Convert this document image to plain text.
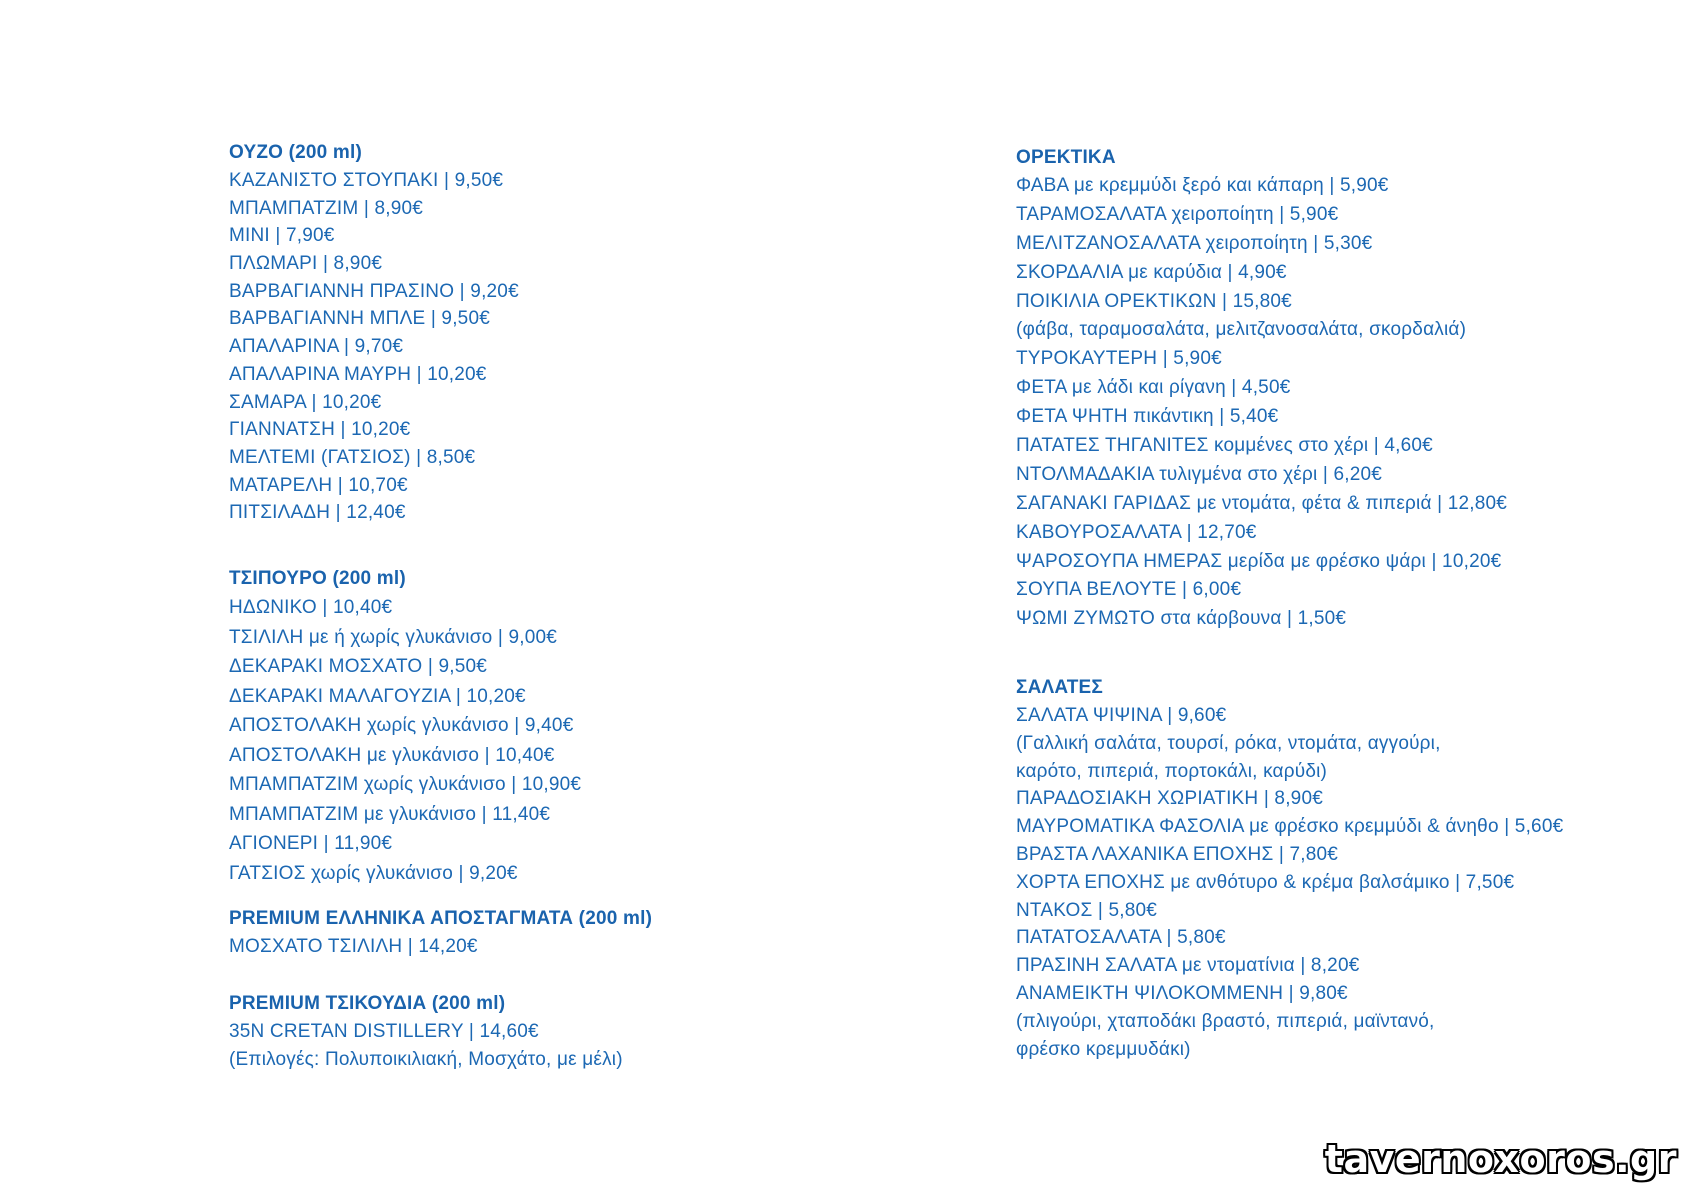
ΟΥΖΟ (200 ml)
ΚΑΖΑΝΙΣΤΟ ΣΤΟΥΠΑΚΙ | 9,50€
ΜΠΑΜΠΑΤΖΙΜ | 8,90€
ΜΙΝΙ | 7,90€
ΠΛΩΜΑΡΙ | 8,90€
ΒΑΡΒΑΓΙΑΝΝΗ ΠΡΑΣΙΝΟ | 9,20€
ΒΑΡΒΑΓΙΑΝΝΗ ΜΠΛΕ | 9,50€
ΑΠΑΛΑΡΙΝΑ | 9,70€
ΑΠΑΛΑΡΙΝΑ ΜΑΥΡΗ | 10,20€
ΣΑΜΑΡΑ | 10,20€
ΓΙΑΝΝΑΤΣΗ | 10,20€
ΜΕΛΤΕΜΙ (ΓΑΤΣΙΟΣ) | 8,50€
ΜΑΤΑΡΕΛΗ | 10,70€
ΠΙΤΣΙΛΑΔΗ | 12,40€
ΤΣΙΠΟΥΡΟ (200 ml)
ΗΔΩΝΙΚΟ | 10,40€
ΤΣΙΛΙΛΗ με ή χωρίς γλυκάνισο | 9,00€
ΔΕΚΑΡΑΚΙ ΜΟΣΧΑΤΟ | 9,50€
ΔΕΚΑΡΑΚΙ ΜΑΛΑΓΟΥΖΙΑ | 10,20€
ΑΠΟΣΤΟΛΑΚΗ χωρίς γλυκάνισο | 9,40€
ΑΠΟΣΤΟΛΑΚΗ με γλυκάνισο | 10,40€
ΜΠΑΜΠΑΤΖΙΜ χωρίς γλυκάνισο | 10,90€
ΜΠΑΜΠΑΤΖΙΜ με γλυκάνισο | 11,40€
ΑΓΙΟΝΕΡΙ | 11,90€
ΓΑΤΣΙΟΣ χωρίς γλυκάνισο | 9,20€
PREMIUM ΕΛΛΗΝΙΚΑ ΑΠΟΣΤΑΓΜΑΤΑ (200 ml)
ΜΟΣΧΑΤΟ ΤΣΙΛΙΛΗ | 14,20€
PREMIUM ΤΣΙΚΟΥΔΙΑ (200 ml)
35N CRETAN DISTILLERY | 14,60€
(Επιλογές: Πολυποικιλιακή, Μοσχάτο, με μέλι)
ΟΡΕΚΤΙΚΑ
ΦΑΒΑ με κρεμμύδι ξερό και κάπαρη | 5,90€
ΤΑΡΑΜΟΣΑΛΑΤΑ χειροποίητη | 5,90€
ΜΕΛΙΤΖΑΝΟΣΑΛΑΤΑ χειροποίητη | 5,30€
ΣΚΟΡΔΑΛΙΑ με καρύδια | 4,90€
ΠΟΙΚΙΛΙΑ ΟΡΕΚΤΙΚΩΝ | 15,80€
(φάβα, ταραμοσαλάτα, μελιτζανοσαλάτα, σκορδαλιά)
ΤΥΡΟΚΑΥΤΕΡΗ | 5,90€
ΦΕΤΑ με λάδι και ρίγανη | 4,50€
ΦΕΤΑ ΨΗΤΗ πικάντικη | 5,40€
ΠΑΤΑΤΕΣ ΤΗΓΑΝΙΤΕΣ κομμένες στο χέρι | 4,60€
ΝΤΟΛΜΑΔΑΚΙΑ τυλιγμένα στο χέρι | 6,20€
ΣΑΓΑΝΑΚΙ ΓΑΡΙΔΑΣ με ντομάτα, φέτα & πιπεριά | 12,80€
ΚΑΒΟΥΡΟΣΑΛΑΤΑ | 12,70€
ΨΑΡΟΣΟΥΠΑ ΗΜΕΡΑΣ μερίδα με φρέσκο ψάρι | 10,20€
ΣΟΥΠΑ ΒΕΛΟΥΤΕ | 6,00€
ΨΩΜΙ ΖΥΜΩΤΟ στα κάρβουνα | 1,50€
ΣΑΛΑΤΕΣ
ΣΑΛΑΤΑ ΨΙΨΙΝΑ | 9,60€
(Γαλλική σαλάτα, τουρσί, ρόκα, ντομάτα, αγγούρι,
καρότο, πιπεριά, πορτοκάλι, καρύδι)
ΠΑΡΑΔΟΣΙΑΚΗ ΧΩΡΙΑΤΙΚΗ | 8,90€
ΜΑΥΡΟΜΑΤΙΚΑ ΦΑΣΟΛΙΑ με φρέσκο κρεμμύδι & άνηθο | 5,60€
ΒΡΑΣΤΑ ΛΑΧΑΝΙΚΑ ΕΠΟΧΗΣ | 7,80€
ΧΟΡΤΑ ΕΠΟΧΗΣ με ανθότυρο & κρέμα βαλσάμικο | 7,50€
ΝΤΑΚΟΣ | 5,80€
ΠΑΤΑΤΟΣΑΛΑΤΑ | 5,80€
ΠΡΑΣΙΝΗ ΣΑΛΑΤΑ με ντοματίνια | 8,20€
ΑΝΑΜΕΙΚΤΗ ΨΙΛΟΚΟΜΜΕΝΗ | 9,80€
(πλιγούρι, χταποδάκι βραστό, πιπεριά, μαϊντανό,
φρέσκο κρεμμυδάκι)
tavernoxoros.gr
